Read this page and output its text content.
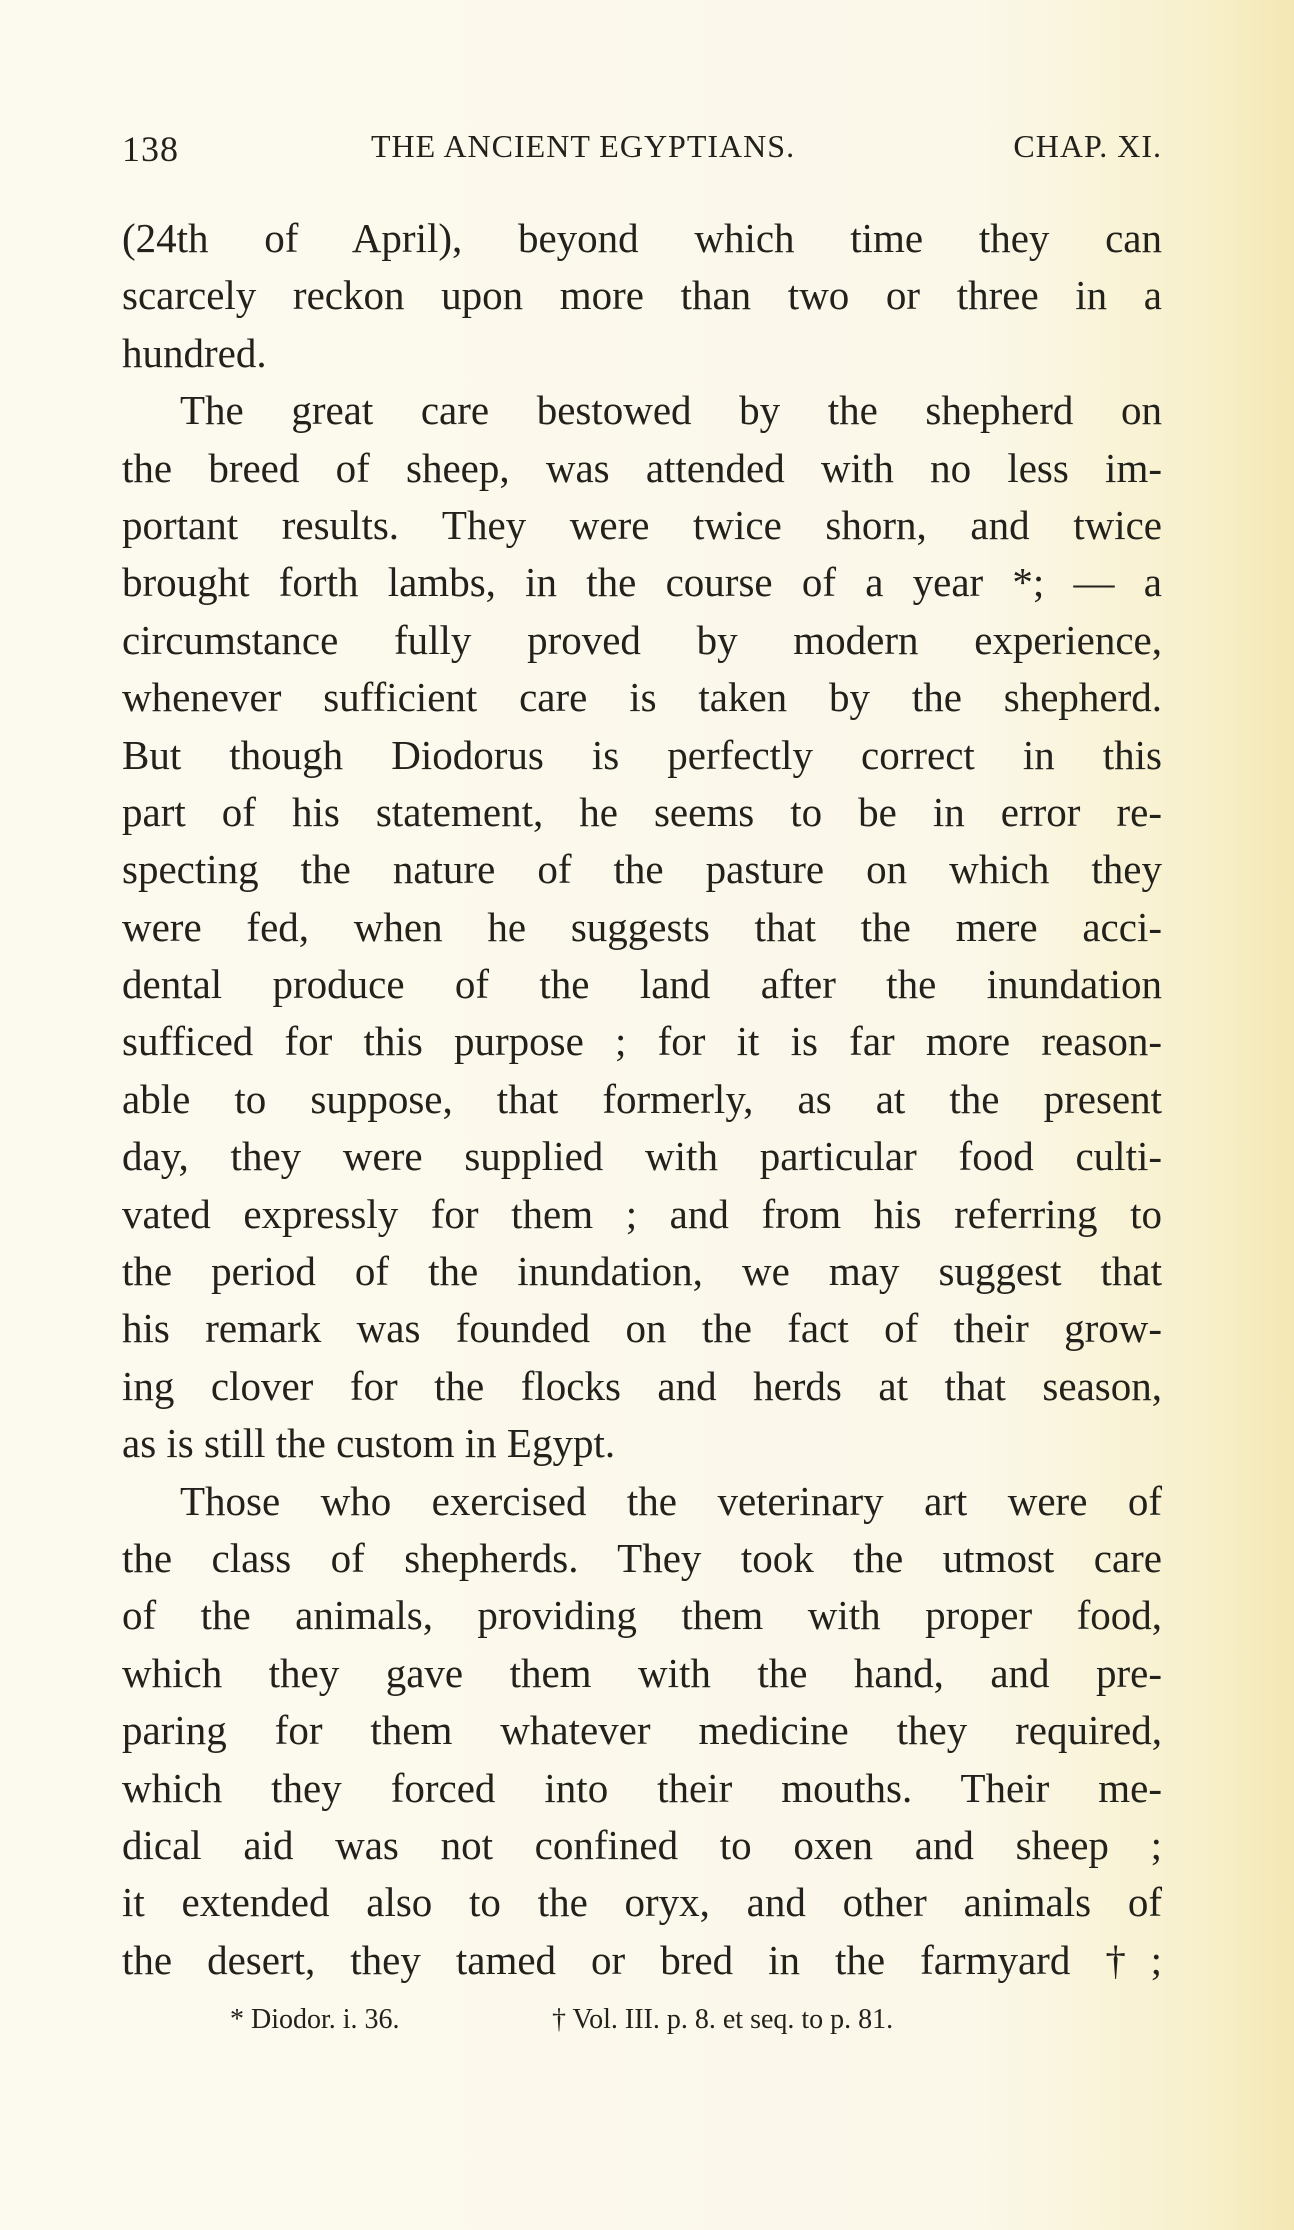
138	THE ANCIENT EGYPTIANS.	CHAP. XI.
(24th of April), beyond which time they can
scarcely reckon upon more than two or three in a
hundred.
The great care bestowed by the shepherd on
the breed of sheep, was attended with no less im-
portant results. They were twice shorn, and twice
brought forth lambs, in the course of a year *; — a
circumstance fully proved by modern experience,
whenever sufficient care is taken by the shepherd.
But though Diodorus is perfectly correct in this
part of his statement, he seems to be in error re-
specting the nature of the pasture on which they
were fed, when he suggests that the mere acci-
dental produce of the land after the inundation
sufficed for this purpose ; for it is far more reason-
able to suppose, that formerly, as at the present
day, they were supplied with particular food culti-
vated expressly for them ; and from his referring to
the period of the inundation, we may suggest that
his remark was founded on the fact of their grow-
ing clover for the flocks and herds at that season,
as is still the custom in Egypt.
Those who exercised the veterinary art were of
the class of shepherds. They took the utmost care
of the animals, providing them with proper food,
which they gave them with the hand, and pre-
paring for them whatever medicine they required,
which they forced into their mouths. Their me-
dical aid was not confined to oxen and sheep ;
it extended also to the oryx, and other animals of
the desert, they tamed or bred in the farmyard †;
* Diodor. i. 36.	† Vol. III. p. 8. et seq. to p. 81.
